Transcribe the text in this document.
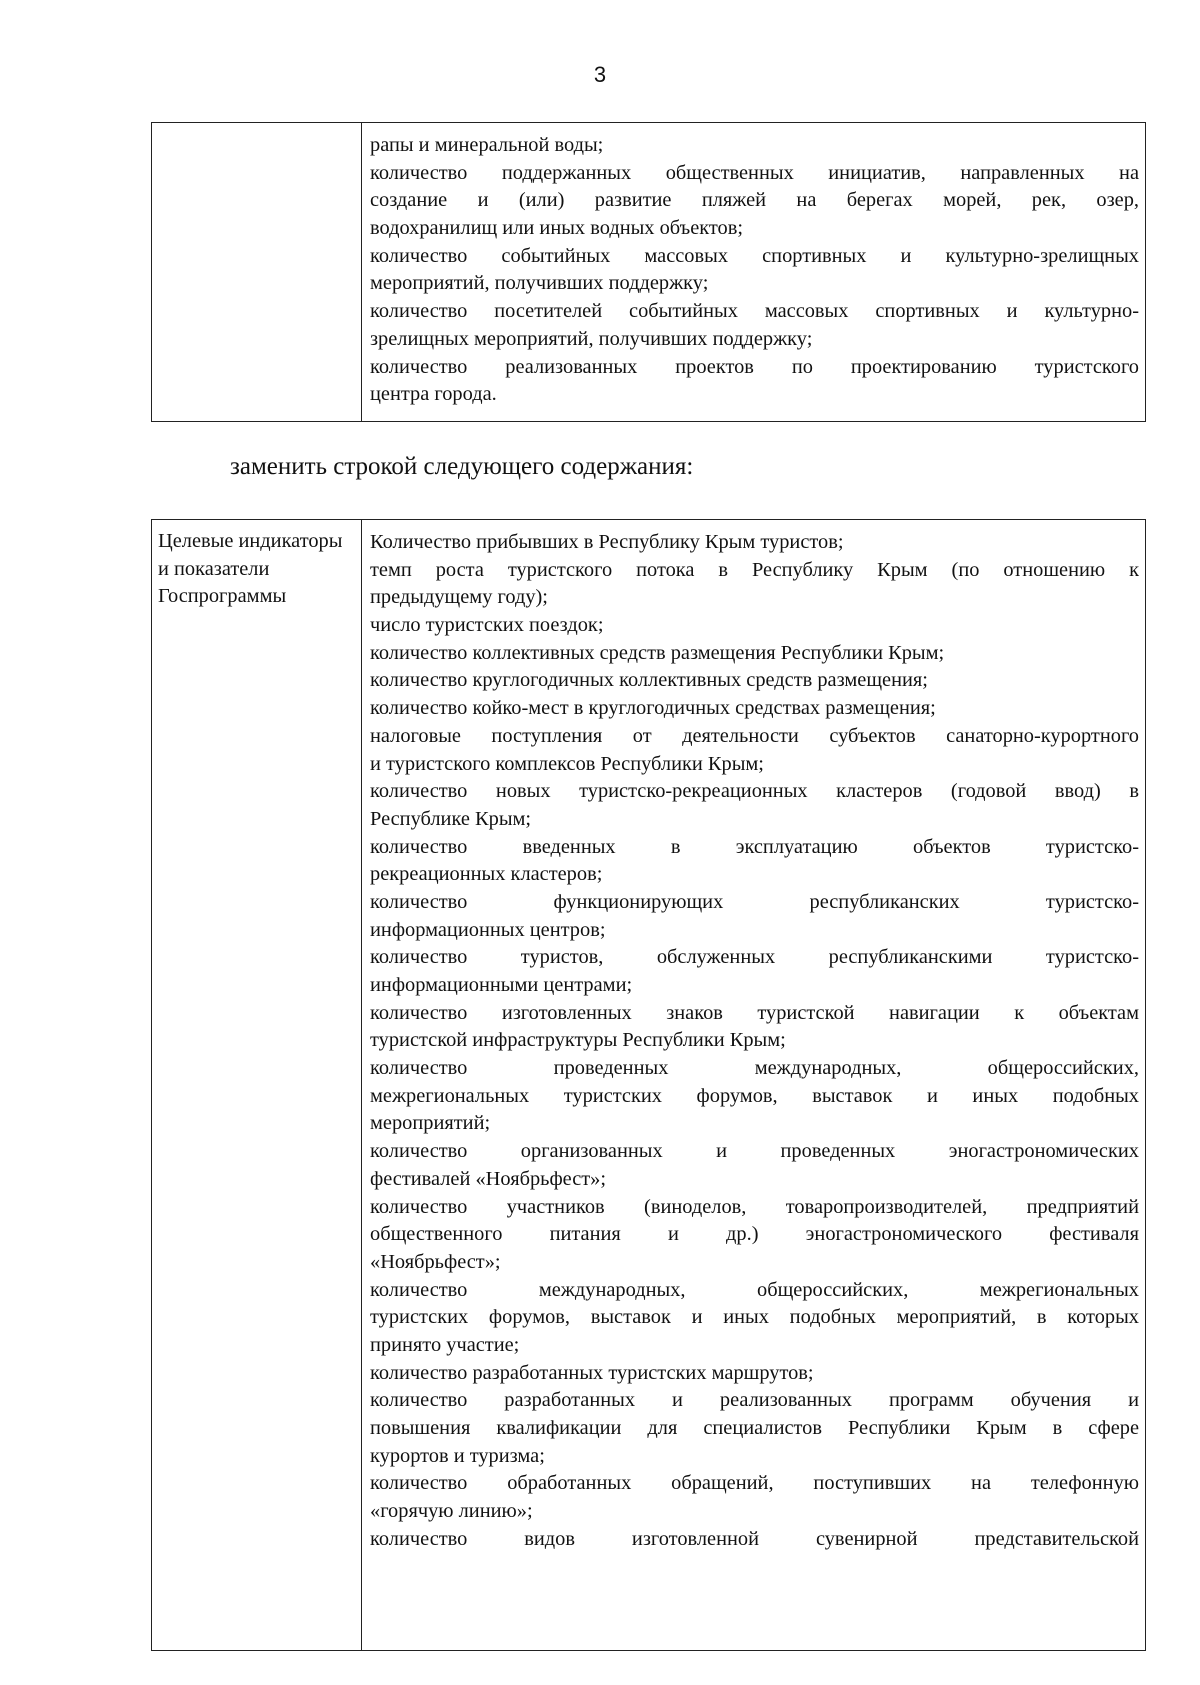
3

рапы и минеральной воды;
количество поддержанных общественных инициатив, направленных на
создание и (или) развитие пляжей на берегах морей, рек, озер,
водохранилищ или иных водных объектов;
количество событийных массовых спортивных и культурно-зрелищных
мероприятий, получивших поддержку;
количество посетителей событийных массовых спортивных и культурно-
зрелищных мероприятий, получивших поддержку;
количество реализованных проектов по проектированию туристского
центра города.
заменить строкой следующего содержания:
Целевые индикаторы и показатели Госпрограммы

Количество прибывших в Республику Крым туристов;
темп роста туристского потока в Республику Крым (по отношению к
предыдущему году);
число туристских поездок;
количество коллективных средств размещения Республики Крым;
количество круглогодичных коллективных средств размещения;
количество койко-мест в круглогодичных средствах размещения;
налоговые поступления от деятельности субъектов санаторно-курортного
и туристского комплексов Республики Крым;
количество новых туристско-рекреационных кластеров (годовой ввод) в
Республике Крым;
количество введенных в эксплуатацию объектов туристско-
рекреационных кластеров;
количество функционирующих республиканских туристско-
информационных центров;
количество туристов, обслуженных республиканскими туристско-
информационными центрами;
количество изготовленных знаков туристской навигации к объектам
туристской инфраструктуры Республики Крым;
количество проведенных международных, общероссийских,
межрегиональных туристских форумов, выставок и иных подобных
мероприятий;
количество организованных и проведенных эногастрономических
фестивалей «Ноябрьфест»;
количество участников (виноделов, товаропроизводителей, предприятий
общественного питания и др.) эногастрономического фестиваля
«Ноябрьфест»;
количество международных, общероссийских, межрегиональных
туристских форумов, выставок и иных подобных мероприятий, в которых
принято участие;
количество разработанных туристских маршрутов;
количество разработанных и реализованных программ обучения и
повышения квалификации для специалистов Республики Крым в сфере
курортов и туризма;
количество обработанных обращений, поступивших на телефонную
«горячую линию»;
количество видов изготовленной сувенирной представительской
